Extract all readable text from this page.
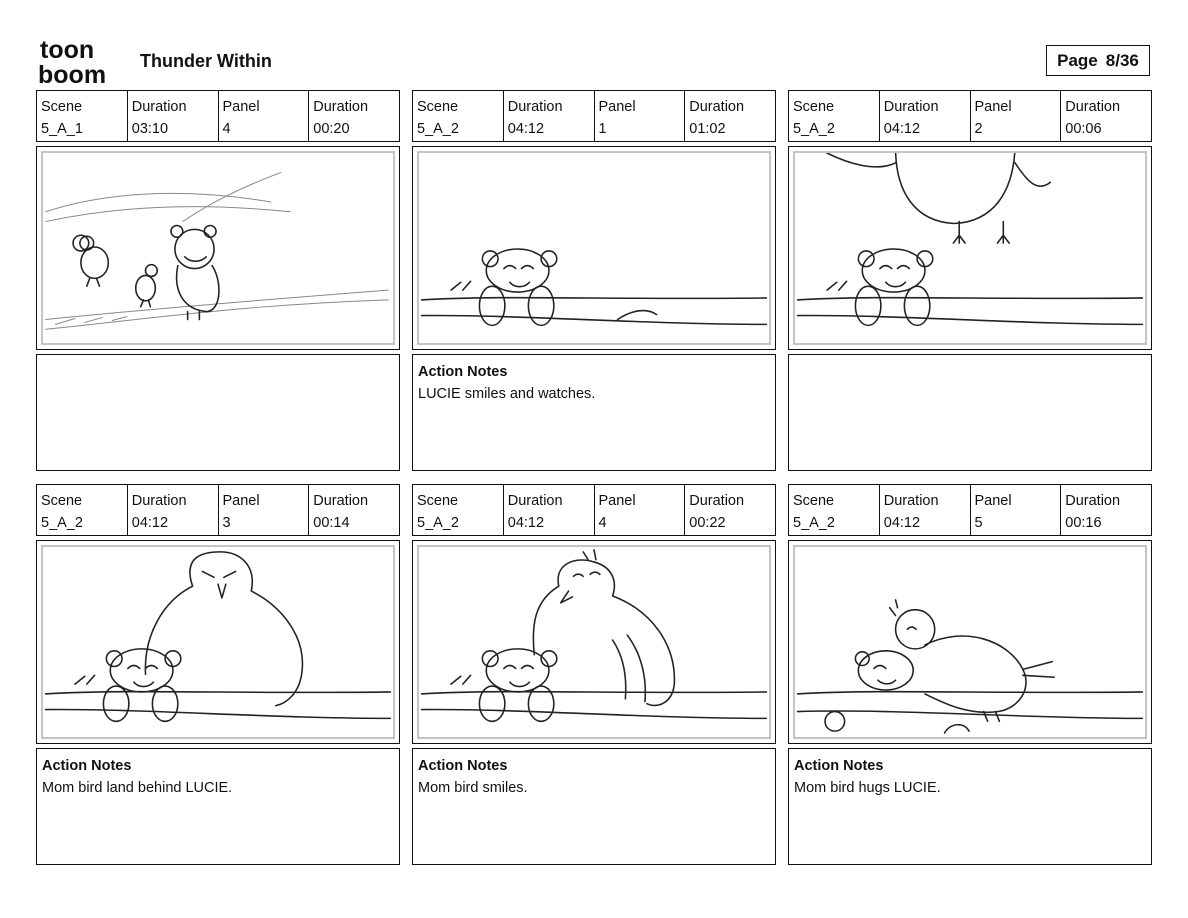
toon
boom Thunder Within	Page 8/36
Scene
5_A_1
Duration
03:10
Panel
4
Duration
00:20
Scene
5_A_2
Duration
04:12
Panel
1
Duration
01:02
Action Notes
LUCIE smiles and watches.
Scene
5_A_2
Duration
04:12
Panel
2
Duration
00:06
Scene
5_A_2
Duration
04:12
Panel
3
Duration
00:14
Action Notes
Mom bird land behind LUCIE.
Scene
5_A_2
Duration
04:12
Panel
4
Duration
00:22
Action Notes
Mom bird smiles.
Scene
5_A_2
Duration
04:12
Panel
5
Duration
00:16
Action Notes
Mom bird hugs LUCIE.
